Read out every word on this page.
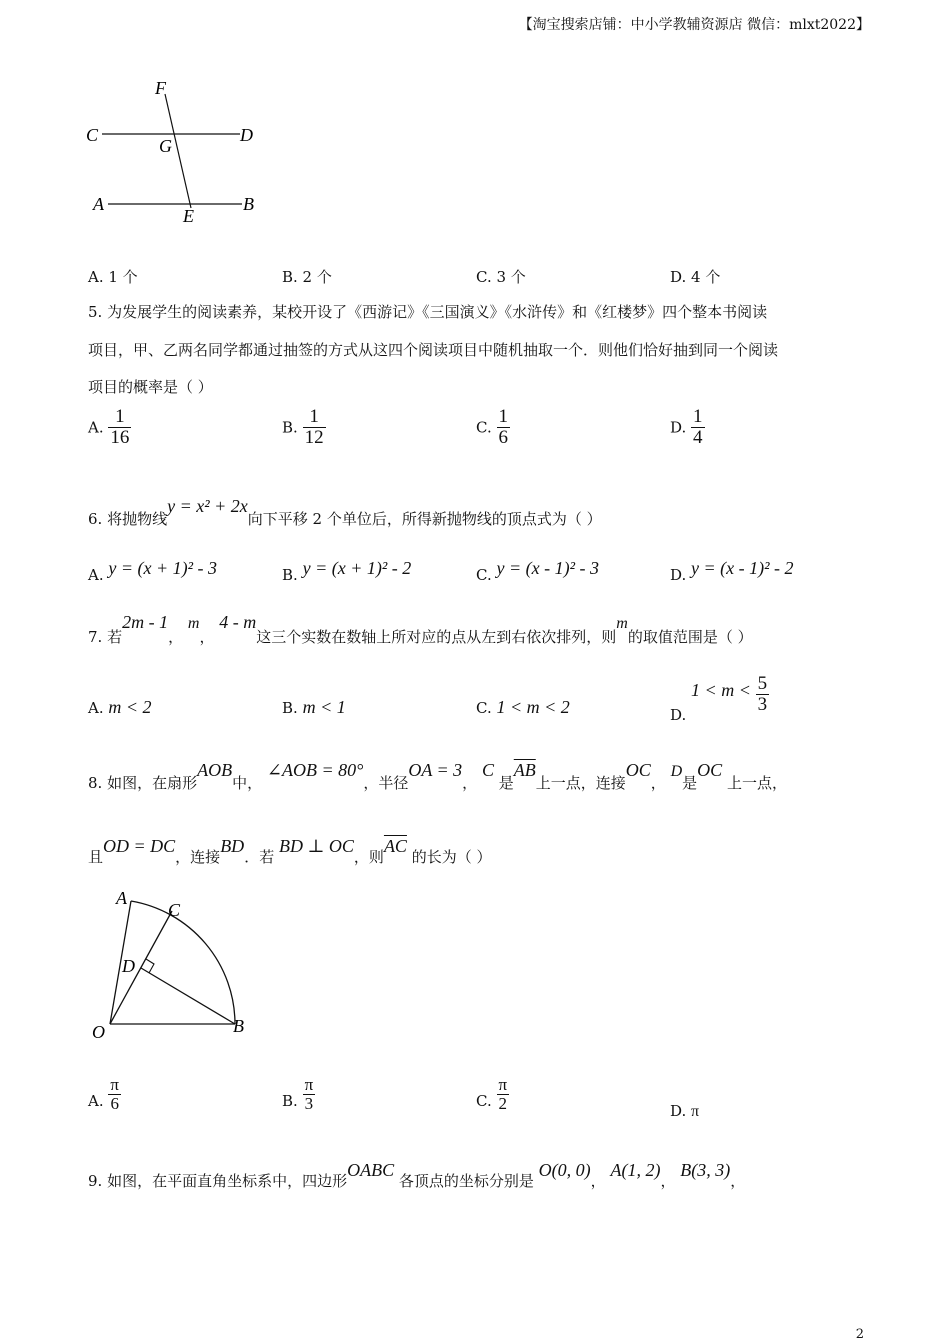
【淘宝搜索店铺：中小学教辅资源店 微信：mlxt2022】
F
C
G
D
A
E
B
A. 1 个	B. 2 个	C. 3 个	D. 4 个
5. 为发展学生的阅读素养，某校开设了《西游记》《三国演义》《水浒传》和《红楼梦》四个整本书阅读
项目，甲、乙两名同学都通过抽签的方式从这四个阅读项目中随机抽取一个．则他们恰好抽到同一个阅读
项目的概率是（ ）
A. $\frac{1}{16}$	B. $\frac{1}{12}$	C. $\frac{1}{6}$	D. $\frac{1}{4}$
6. 将抛物线y = x² + 2x向下平移 2 个单位后，所得新抛物线的顶点式为（ ）
A. y = (x + 1)² - 3	B. y = (x + 1)² - 2	C. y = (x - 1)² - 3	D. y = (x - 1)² - 2
7. 若2m - 1， m， 4 - m这三个实数在数轴上所对应的点从左到右依次排列，则m的取值范围是（ ）
A. m < 2	B. m < 1	C. 1 < m < 2	D. $1 < m < \frac{5}{3}$
8. 如图，在扇形AOB中， ∠AOB = 80°，半径OA = 3， C 是$\overline{AB}$上一点，连接OC， D是OC 上一点，
且OD = DC，连接BD．若 BD ⊥ OC，则$\overline{AC}$ 的长为（ ）
A
C
D
O	B
A. $\frac{\pi}{6}$	B. $\frac{\pi}{3}$	C. $\frac{\pi}{2}$	D. π
9. 如图，在平面直角坐标系中，四边形OABC 各顶点的坐标分别是 O(0, 0)， A(1, 2)， B(3, 3)，
2
